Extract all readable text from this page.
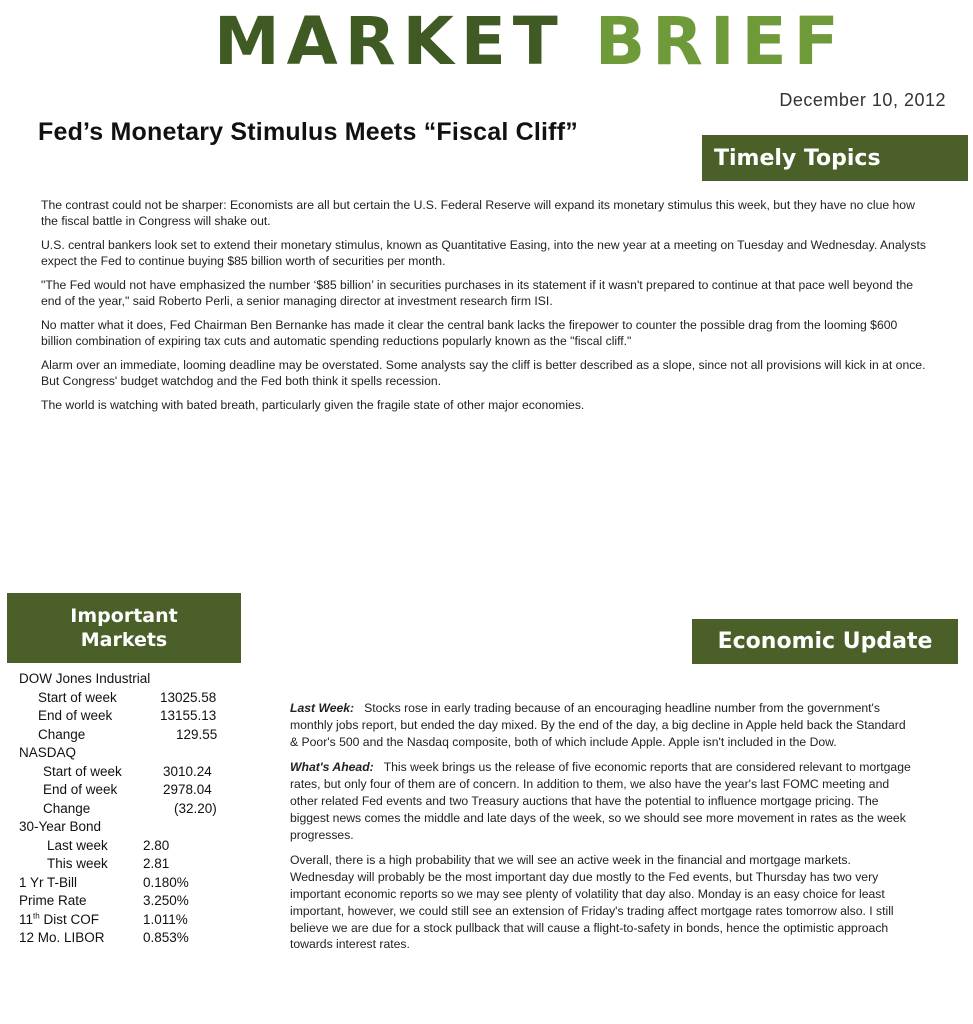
MARKET BRIEF
December 10, 2012
Fed’s Monetary Stimulus Meets “Fiscal Cliff”
Timely Topics

The contrast could not be sharper: Economists are all but certain the U.S. Federal Reserve will expand its monetary stimulus this week, but they have no clue how the fiscal battle in Congress will shake out.

U.S. central bankers look set to extend their monetary stimulus, known as Quantitative Easing, into the new year at a meeting on Tuesday and Wednesday. Analysts expect the Fed to continue buying $85 billion worth of securities per month.

"The Fed would not have emphasized the number ‘$85 billion’ in securities purchases in its statement if it wasn't prepared to continue at that pace well beyond the end of the year," said Roberto Perli, a senior managing director at investment research firm ISI.

No matter what it does, Fed Chairman Ben Bernanke has made it clear the central bank lacks the firepower to counter the possible drag from the looming $600 billion combination of expiring tax cuts and automatic spending reductions popularly known as the "fiscal cliff."

Alarm over an immediate, looming deadline may be overstated. Some analysts say the cliff is better described as a slope, since not all provisions will kick in at once. But Congress' budget watchdog and the Fed both think it spells recession.

The world is watching with bated breath, particularly given the fragile state of other major economies.

Important
Markets	Economic Update
DOW Jones Industrial
Start of week	13025.58
End of week	13155.13
Change	129.55
NASDAQ
Start of week	3010.24
End of week	2978.04
Change	(32.20)
30-Year Bond
Last week	2.80
This week	2.81
1 Yr T-Bill	0.180%
Prime Rate	3.250%
11th Dist COF	1.011%
12 Mo. LIBOR	0.853%

Last Week: Stocks rose in early trading because of an encouraging headline number from the government's monthly jobs report, but ended the day mixed. By the end of the day, a big decline in Apple held back the Standard & Poor's 500 and the Nasdaq composite, both of which include Apple. Apple isn't included in the Dow.

What's Ahead: This week brings us the release of five economic reports that are considered relevant to mortgage rates, but only four of them are of concern. In addition to them, we also have the year's last FOMC meeting and other related Fed events and two Treasury auctions that have the potential to influence mortgage pricing. The biggest news comes the middle and late days of the week, so we should see more movement in rates as the week progresses.

Overall, there is a high probability that we will see an active week in the financial and mortgage markets. Wednesday will probably be the most important day due mostly to the Fed events, but Thursday has two very important economic reports so we may see plenty of volatility that day also. Monday is an easy choice for least important, however, we could still see an extension of Friday's trading affect mortgage rates tomorrow also. I still believe we are due for a stock pullback that will cause a flight-to-safety in bonds, hence the optimistic approach towards interest rates.
